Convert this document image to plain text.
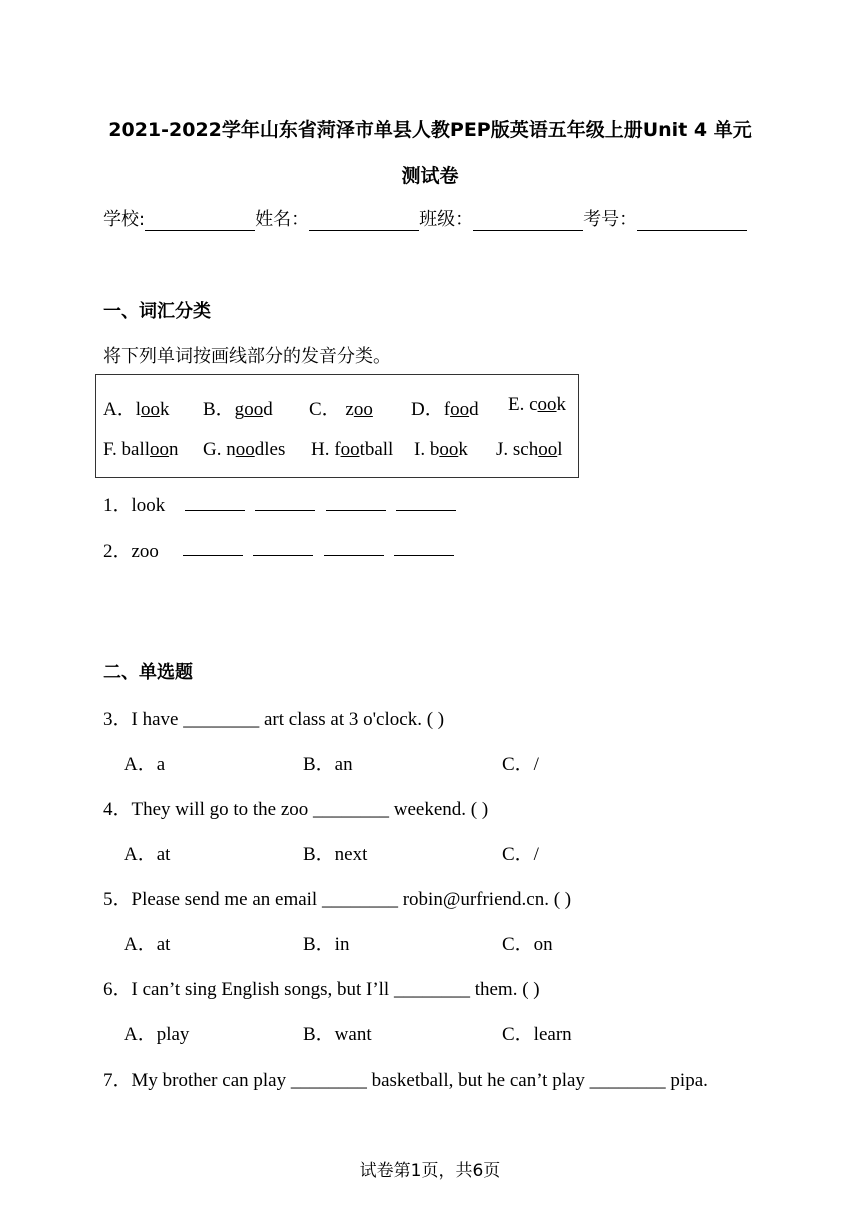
2021-2022学年山东省菏泽市单县人教PEP版英语五年级上册Unit 4 单元
测试卷
学校:	姓名：	班级：	考号：
一、词汇分类
将下列单词按画线部分的发音分类。
A．look B．good C． zoo D．food E. cook
F. balloon G. noodles H. football I. book J. school
1．look
2．zoo
二、单选题
3．I have ________ art class at 3 o'clock. ( )
A．a	B．an	C．/
4．They will go to the zoo ________ weekend. ( )
A．at	B．next	C．/
5．Please send me an email ________ robin@urfriend.cn. ( )
A．at	B．in	C．on
6．I can’t sing English songs, but I’ll ________ them. ( )
A．play	B．want	C．learn
7．My brother can play ________ basketball, but he can’t play ________ pipa.
试卷第1页，共6页
